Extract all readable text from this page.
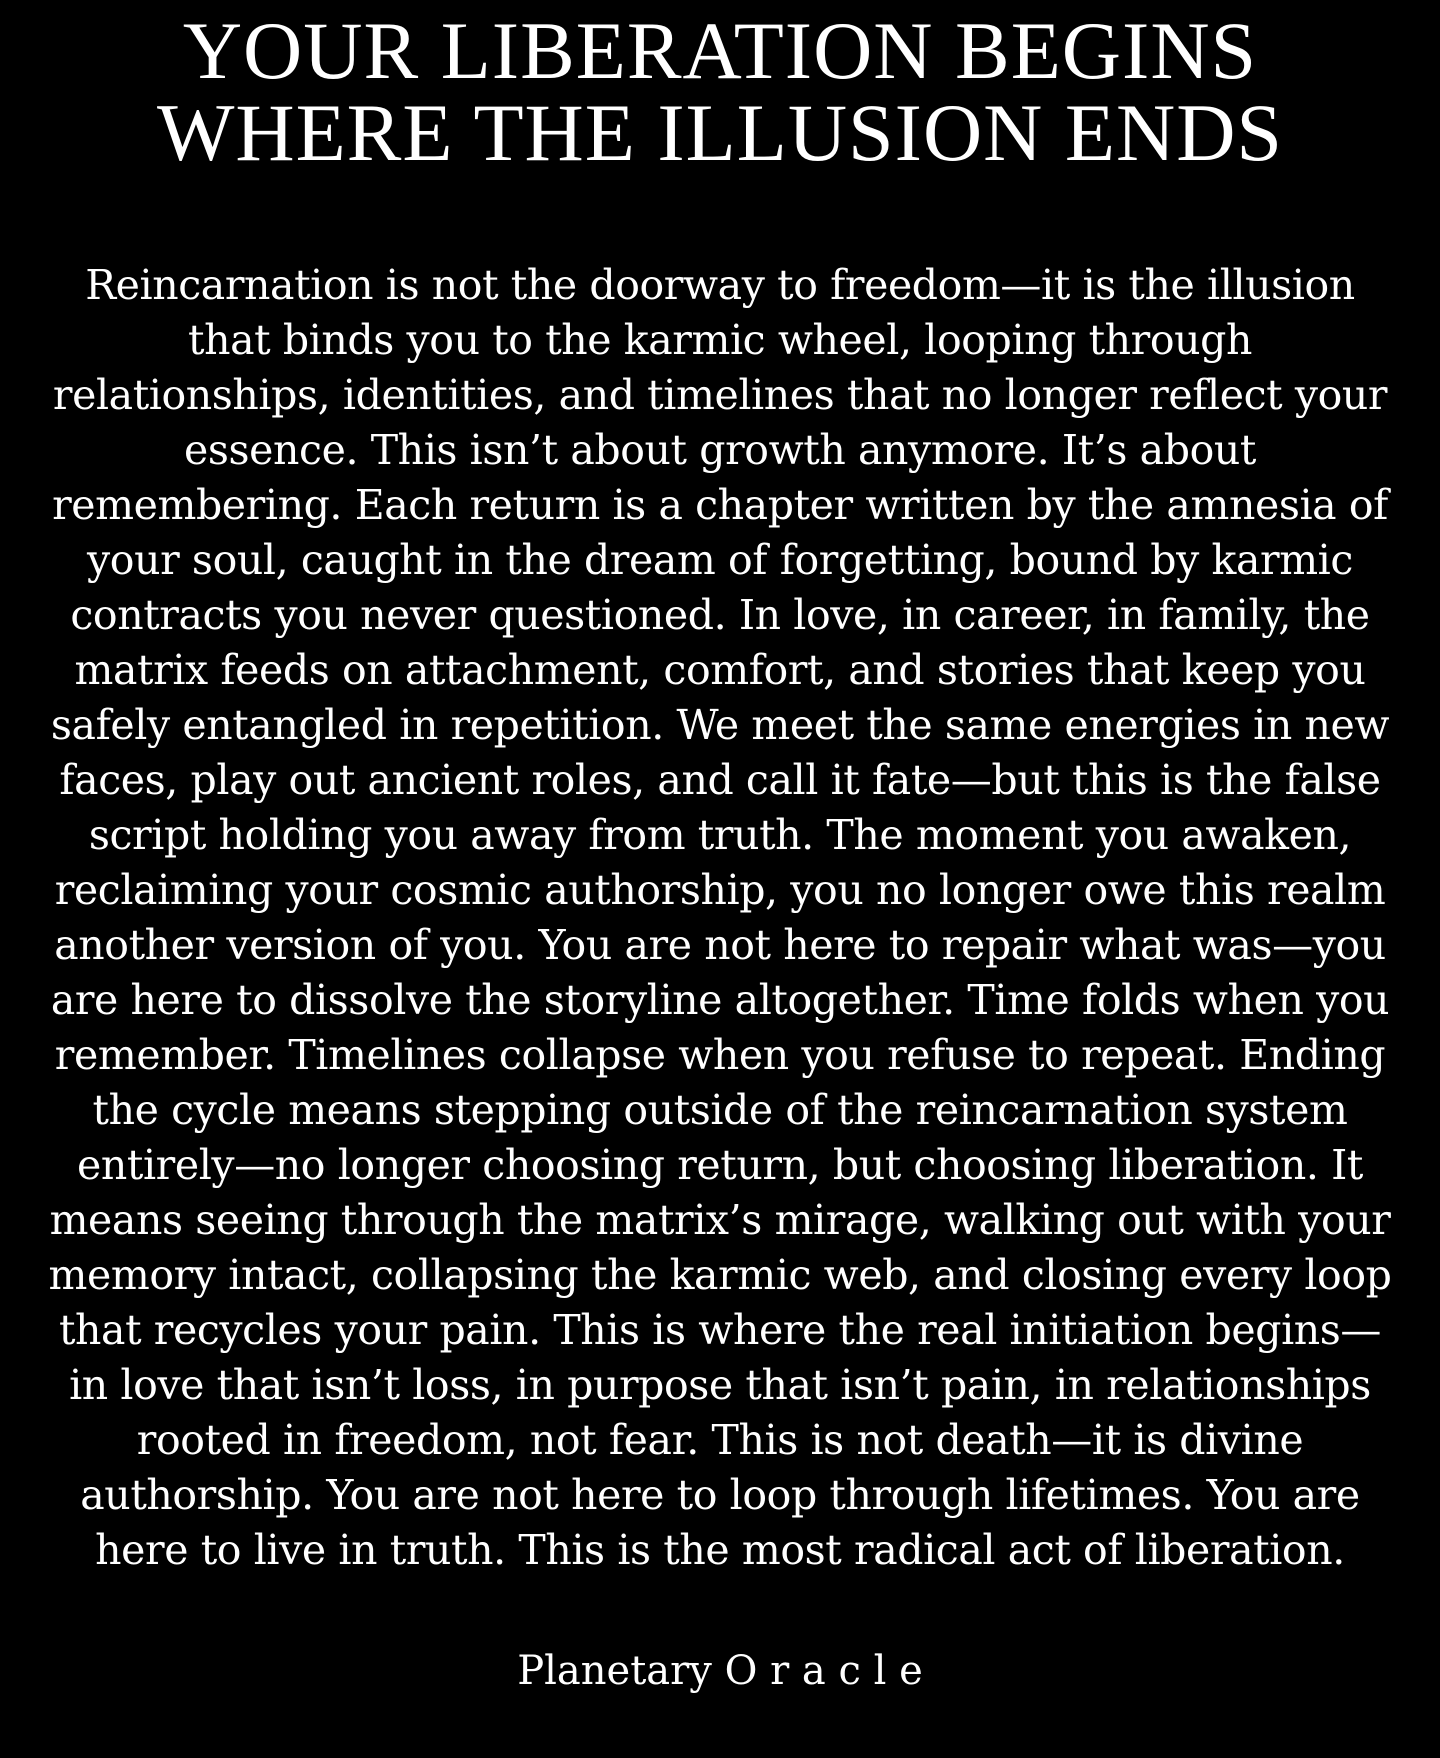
YOUR LIBERATION BEGINS
WHERE THE ILLUSION ENDS
Reincarnation is not the doorway to freedom—it is the illusion
that binds you to the karmic wheel, looping through
relationships, identities, and timelines that no longer reflect your
essence. This isn’t about growth anymore. It’s about
remembering. Each return is a chapter written by the amnesia of
your soul, caught in the dream of forgetting, bound by karmic
contracts you never questioned. In love, in career, in family, the
matrix feeds on attachment, comfort, and stories that keep you
safely entangled in repetition. We meet the same energies in new
faces, play out ancient roles, and call it fate—but this is the false
script holding you away from truth. The moment you awaken,
reclaiming your cosmic authorship, you no longer owe this realm
another version of you. You are not here to repair what was—you
are here to dissolve the storyline altogether. Time folds when you
remember. Timelines collapse when you refuse to repeat. Ending
the cycle means stepping outside of the reincarnation system
entirely—no longer choosing return, but choosing liberation. It
means seeing through the matrix’s mirage, walking out with your
memory intact, collapsing the karmic web, and closing every loop
that recycles your pain. This is where the real initiation begins—
in love that isn’t loss, in purpose that isn’t pain, in relationships
rooted in freedom, not fear. This is not death—it is divine
authorship. You are not here to loop through lifetimes. You are
here to live in truth. This is the most radical act of liberation.

Planetary O r a c l e
